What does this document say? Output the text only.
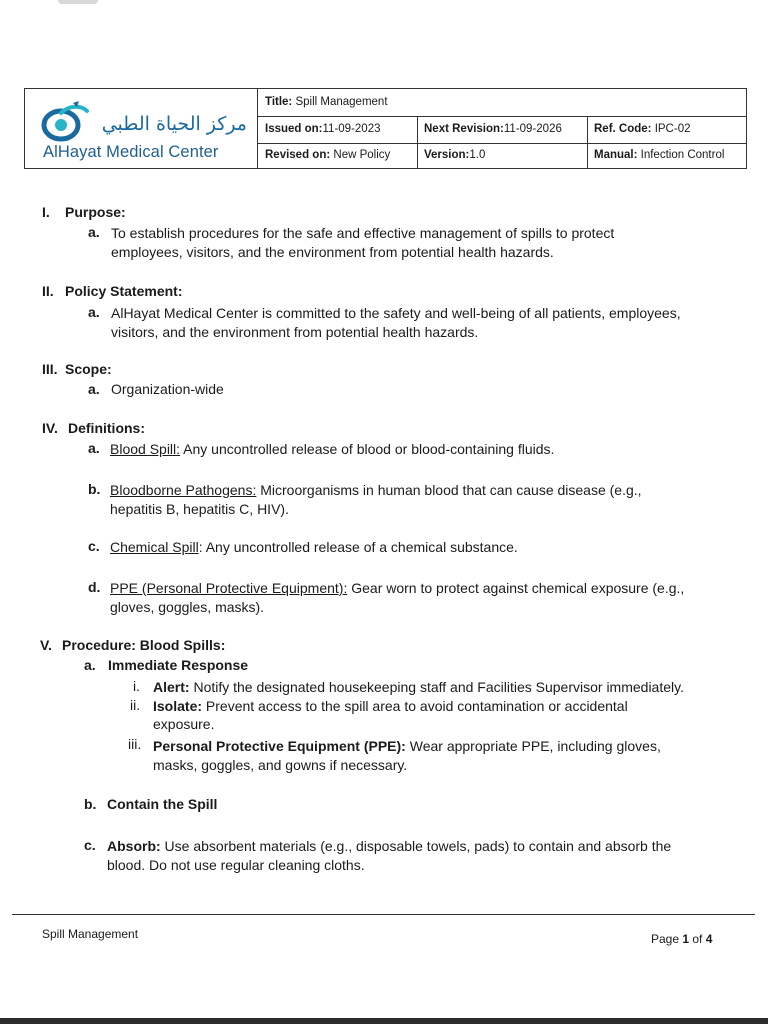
مركز الحياة الطبي
AlHayat Medical Center
Title: Spill Management
Issued on:11-09-2023	Next Revision:11-09-2026	Ref. Code: IPC-02
Revised on: New Policy	Version:1.0	Manual: Infection Control
I. Purpose:
a. To establish procedures for the safe and effective management of spills to protect
employees, visitors, and the environment from potential health hazards.
II. Policy Statement:
a. AlHayat Medical Center is committed to the safety and well-being of all patients, employees,
visitors, and the environment from potential health hazards.
III. Scope:
a. Organization-wide
IV. Definitions:
a. Blood Spill: Any uncontrolled release of blood or blood-containing fluids.
b. Bloodborne Pathogens: Microorganisms in human blood that can cause disease (e.g.,
hepatitis B, hepatitis C, HIV).
c. Chemical Spill: Any uncontrolled release of a chemical substance.
d. PPE (Personal Protective Equipment): Gear worn to protect against chemical exposure (e.g.,
gloves, goggles, masks).
V. Procedure: Blood Spills:
a. Immediate Response
i. Alert: Notify the designated housekeeping staff and Facilities Supervisor immediately.
ii. Isolate: Prevent access to the spill area to avoid contamination or accidental
exposure.
iii. Personal Protective Equipment (PPE): Wear appropriate PPE, including gloves,
masks, goggles, and gowns if necessary.
b. Contain the Spill
c. Absorb: Use absorbent materials (e.g., disposable towels, pads) to contain and absorb the
blood. Do not use regular cleaning cloths.
Spill Management	Page 1 of 4
